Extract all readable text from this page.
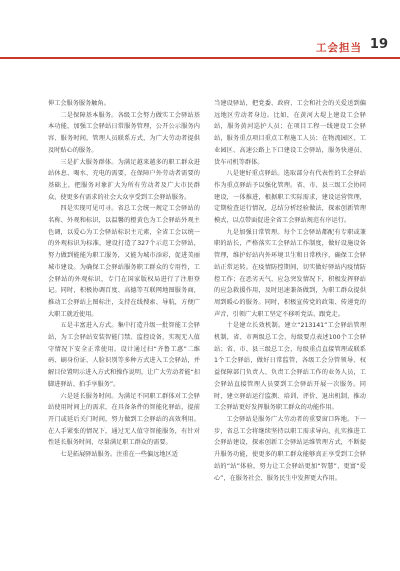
工会担当 19

伸工会服务服务触角。

二是保障基本服务。各级工会努力做实工会驿站基本功能，加强工会驿站日常服务管理，公开公示服务内容、服务时间，管理人员联系方式，为广大劳动者提供及时贴心的服务。

三是扩大服务群体。为满足越来越多的职工群众进站休息、喝水、充电的需要，在保障户外劳动者需要的基础上，把服务对象扩大为所有劳动者及广大市民群众，使更多有需求的社会大众享受到工会驿站服务。

四是实现可见可寻。省总工会统一规定工会驿站的名称、外观和标识，以温馨的橙黄色为工会驿站外观主色调，以爱心为工会驿站标识主元素，全省工会以统一的外观标识为标准，建设打造了327个示范工会驿站，努力做到能能为职工服务，又能为城市添彩，促进美丽城市建设。为确保工会驿站服务职工群众的专用性，工会驿站的外观标识，专门在国家版权局进行了注册登记。同时，积极协调百度、高德等互联网地图服务商，推动工会驿站上图标注，支持在线搜索、导航，方便广大职工就近使用。

五是丰富进入方式。集中打造升级一批智能工会驿站，为工会驿站安装智能门禁、监控设备，实现无人值守情况下安全正常使用。设计通过扫“齐鲁工惠”二维码、刷身份证、人脸识别等多种方式进入工会驿站，并解目位置明示进入方式和操作说明，让广大劳动者能“扣脚进驿站、拍手享服务”。

六是延长服务时间。为满足不同职工群体对工会驿站使用时间上的需求，在具备条件的智能化驿站，提前开门或延后关门时间，努力做到工会驿站的高效利用。在人手紧张的情况下，通过无人值守智能服务，有针对性延长服务时间，尽量满足职工群众的需要。

七是拓展驿站服务。注重在一些偏远地区适

当建设驿站，把党委、政府、工会和社会的关爱送到偏远地区劳动者身边。比如，在黄河大堤上建设工会驿站，服务黄河巡护人员；在项目工程一线建设工会驿站，服务重点项目重点工程施工人员；在物流园区、工业园区、高速公路上下口建设工会驿站，服务快递员、货车司机等群体。

八是建好重点驿站。选取部分有代表性的工会驿站作为重点驿站予以强化管理。省、市、县三级工会协同建设，一体推进，根据职工实际需求，建设运营管理，定期检查运行情况，总结分析经验做法，探索创新管理模式，以点带面促进全省工会驿站规范有序运行。

九是加强日常管理。每个工会驿站都配有专职或兼职的站长，严格落实工会驿站工作制度，做好设施设备管理，维护好站内外环境卫生和日常秩序，确保工会驿站正常运转。在疫情防控期间，切实做好驿站内疫情防控工作；在恶劣天气、应急突发情况下，积极发挥驿站的应急救援作用，及时迅速兼备做到，为职工群众提供周到暖心的服务。同时，积极宣传党的政策、传递党的声音，引领广大职工坚定不移听党话、跟党走。

十是建立长效机制。建立“213141”工会驿站管理机制，省、市两级总工会，每级要点表述100个工会驿站；省、市、县三级总工会，每级重点直接管理或联系1个工会驿站，做好日常监管，各级工会分管领导、权益保障部门负责人、负责工会驿站工作的业务人员，工会驿站直接管理人员要到工会驿站开展一次服务。同时，建立驿站运行监测、培训、评价、退出机制，推动工会驿站更好发挥服务职工群众的功能作用。

工会驿站是服务广大劳动者的重要窗口阵地。下一步，省总工会将继续坚持以职工需求导向，扎实推进工会驿站建设，探索创新工会驿站运维管理方式，不断提升服务功能，使更多的职工群众能够真正享受到工会驿站的“站”体验，努力让工会驿站更加“智慧”、更富“爱心”，在服务社会、服务民生中发挥更大作用。
